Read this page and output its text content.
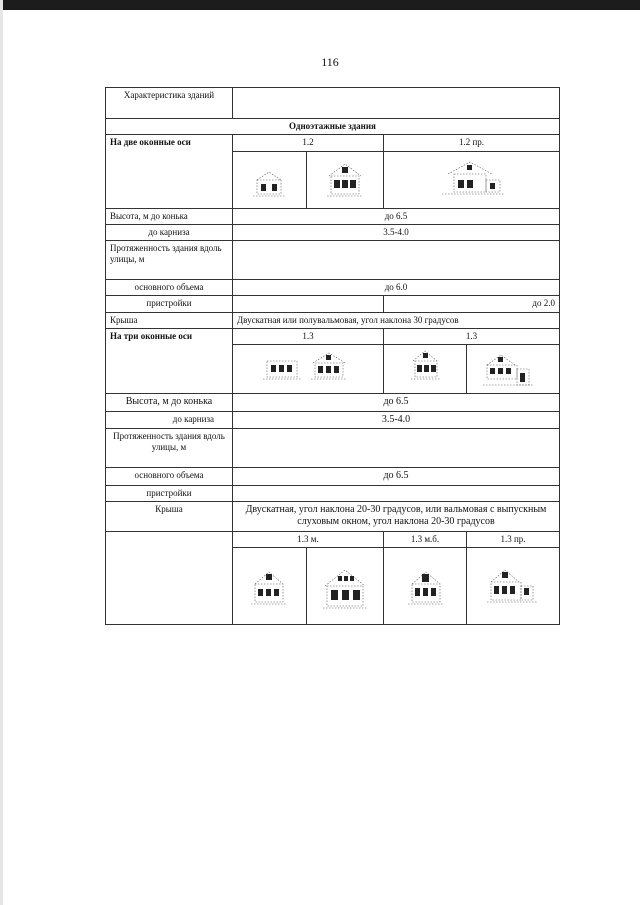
116
Характеристика зданий				
Одноэтажные здания				
На две оконные оси	1.2		1.2 пр.	

Высота, м до конька	до 6.5			
до карниза	3.5-4.0			
Протяженность здания вдоль улицы, м				
основного объема	до 6.0			
пристройки			до 2.0	
Крыша	Двускатная или полувальмовая, угол наклона 30 градусов			
На три оконные оси	1.3		1.3	

Высота, м до конька	до 6.5			
до карниза	3.5-4.0			
Протяженность здания вдоль улицы, м				
основного объема	до 6.5			
пристройки				
Крыша	Двускатная, угол наклона 20-30 градусов, или вальмовая с выпускным слуховым окном, угол наклона 20-30 градусов			
	1.3 м.		1.3 м.б.	1.3 пр.
